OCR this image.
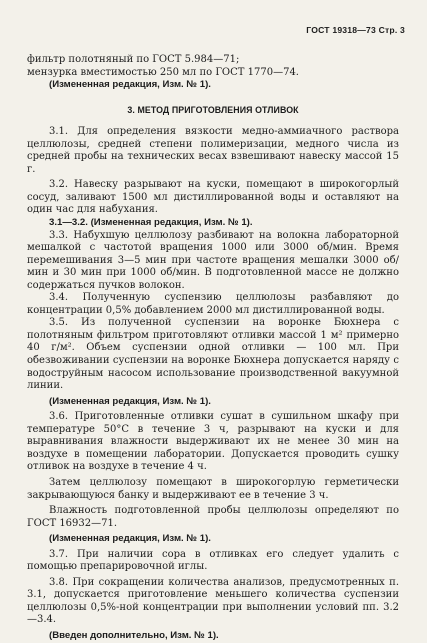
ГОСТ 19318—73 Стр. 3

фильтр полотняный по ГОСТ 5.984—71;

мензурка вместимостью 250 мл по ГОСТ 1770—74.

(Измененная редакция, Изм. № 1).

3. МЕТОД ПРИГОТОВЛЕНИЯ ОТЛИВОК

3.1. Для определения вязкости медно-аммиачного раствора целлюлозы, средней степени полимеризации, медного числа из средней пробы на технических весах взвешивают навеску массой 15 г.

3.2. Навеску разрывают на куски, помещают в широкогорлый сосуд, заливают 1500 мл дистиллированной воды и оставляют на один час для набухания.

3.1—3.2. (Измененная редакция, Изм. № 1).

3.3. Набухшую целлюлозу разбивают на волокна лабораторной мешалкой с частотой вращения 1000 или 3000 об/мин. Время перемешивания 3—5 мин при частоте вращения мешалки 3000 об/мин и 30 мин при 1000 об/мин. В подготовленной массе не должно содержаться пучков волокон.

3.4. Полученную суспензию целлюлозы разбавляют до концентрации 0,5% добавлением 2000 мл дистиллированной воды.

3.5. Из полученной суспензии на воронке Бюхнера с полотняным фильтром приготовляют отливки массой 1 м² примерно 40 г/м². Объем суспензии одной отливки — 100 мл. При обезвоживании суспензии на воронке Бюхнера допускается наряду с водоструйным насосом использование производственной вакуумной линии.

(Измененная редакция, Изм. № 1).

3.6. Приготовленные отливки сушат в сушильном шкафу при температуре 50°С в течение 3 ч, разрывают на куски и для выравнивания влажности выдерживают их не менее 30 мин на воздухе в помещении лаборатории. Допускается проводить сушку отливок на воздухе в течение 4 ч.

Затем целлюлозу помещают в широкогорлую герметически закрывающуюся банку и выдерживают ее в течение 3 ч.

Влажность подготовленной пробы целлюлозы определяют по ГОСТ 16932—71.

(Измененная редакция, Изм. № 1).

3.7. При наличии сора в отливках его следует удалить с помощью препарировочной иглы.

3.8. При сокращении количества анализов, предусмотренных п. 3.1, допускается приготовление меньшего количества суспензии целлюлозы 0,5%-ной концентрации при выполнении условий пп. 3.2—3.4.

(Введен дополнительно, Изм. № 1).
